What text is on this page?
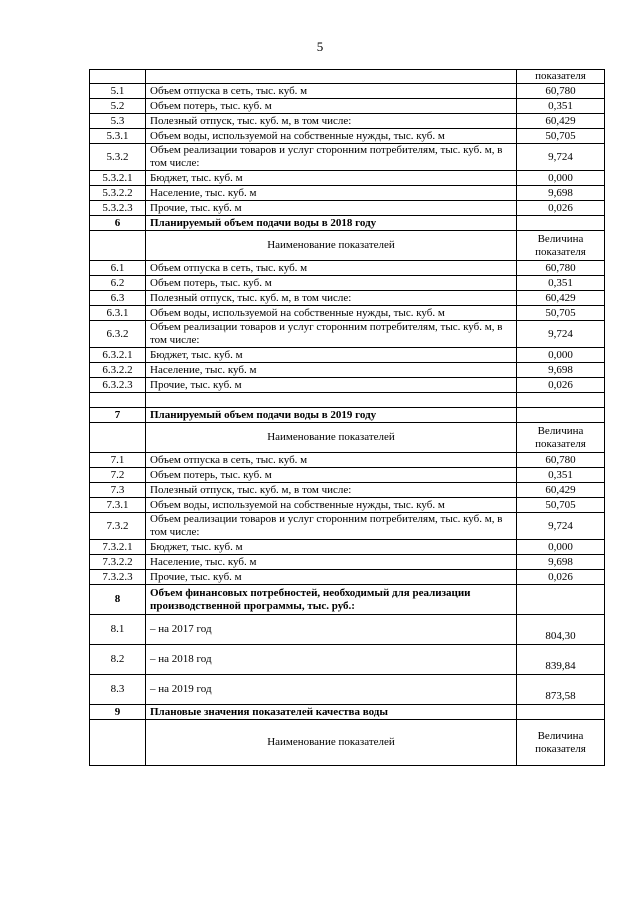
5
		показателя
5.1	Объем отпуска в сеть, тыс. куб. м	60,780
5.2	Объем потерь, тыс. куб. м	0,351
5.3	Полезный отпуск, тыс. куб. м, в том числе:	60,429
5.3.1	Объем воды, используемой на собственные нужды, тыс. куб. м	50,705
5.3.2	Объем реализации товаров и услуг сторонним потребителям, тыс. куб. м, в том числе:	9,724
5.3.2.1	Бюджет, тыс. куб. м	0,000
5.3.2.2	Население, тыс. куб. м	9,698
5.3.2.3	Прочие, тыс. куб. м	0,026
6	Планируемый объем подачи воды в 2018 году	
	Наименование показателей	Величина показателя
6.1	Объем отпуска в сеть, тыс. куб. м	60,780
6.2	Объем потерь, тыс. куб. м	0,351
6.3	Полезный отпуск, тыс. куб. м, в том числе:	60,429
6.3.1	Объем воды, используемой на собственные нужды, тыс. куб. м	50,705
6.3.2	Объем реализации товаров и услуг сторонним потребителям, тыс. куб. м, в том числе:	9,724
6.3.2.1	Бюджет, тыс. куб. м	0,000
6.3.2.2	Население, тыс. куб. м	9,698
6.3.2.3	Прочие, тыс. куб. м	0,026

7	Планируемый объем подачи воды в 2019 году	
	Наименование показателей	Величина показателя
7.1	Объем отпуска в сеть, тыс. куб. м	60,780
7.2	Объем потерь, тыс. куб. м	0,351
7.3	Полезный отпуск, тыс. куб. м, в том числе:	60,429
7.3.1	Объем воды, используемой на собственные нужды, тыс. куб. м	50,705
7.3.2	Объем реализации товаров и услуг сторонним потребителям, тыс. куб. м, в том числе:	9,724
7.3.2.1	Бюджет, тыс. куб. м	0,000
7.3.2.2	Население, тыс. куб. м	9,698
7.3.2.3	Прочие, тыс. куб. м	0,026
8	Объем финансовых потребностей, необходимый для реализации производственной программы, тыс. руб.:	
8.1	– на 2017 год	804,30
8.2	– на 2018 год	839,84
8.3	– на 2019 год	873,58
9	Плановые значения показателей качества воды	
	Наименование показателей	Величина показателя
